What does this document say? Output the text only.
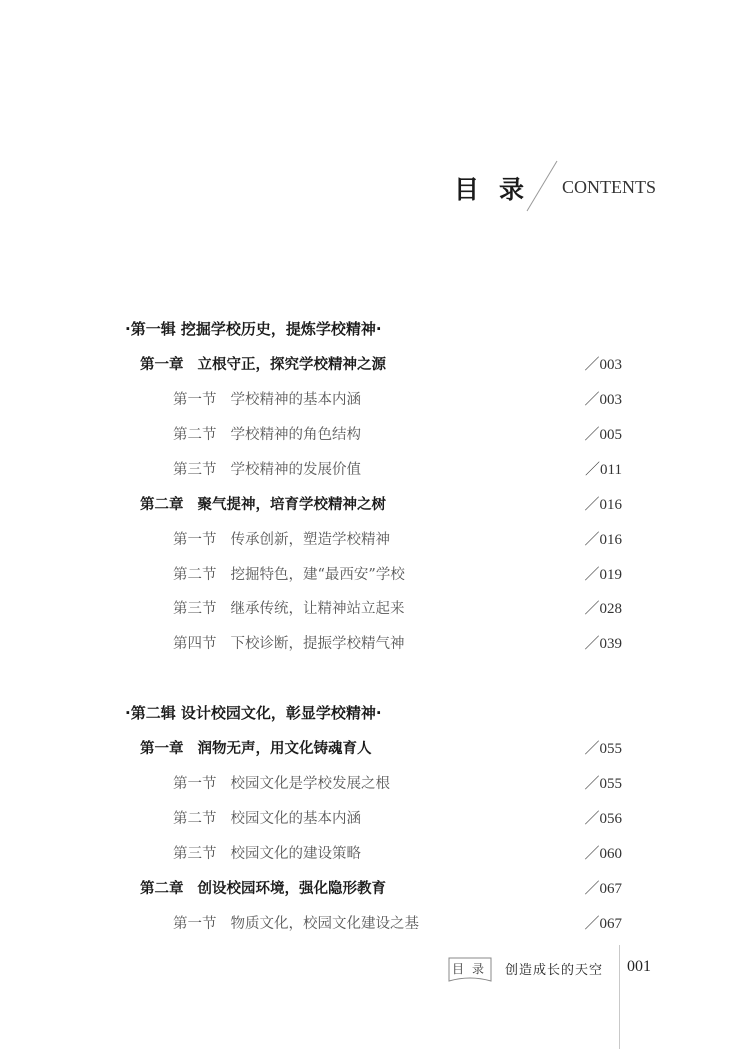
目录 CONTENTS
·第一辑 挖掘学校历史，提炼学校精神·
第一章 立根守正，探究学校精神之源	／003
第一节 学校精神的基本内涵	／003
第二节 学校精神的角色结构	／005
第三节 学校精神的发展价值	／011
第二章 聚气提神，培育学校精神之树	／016
第一节 传承创新，塑造学校精神	／016
第二节 挖掘特色，建“最西安”学校	／019
第三节 继承传统，让精神站立起来	／028
第四节 下校诊断，提振学校精气神	／039
·第二辑 设计校园文化，彰显学校精神·
第一章 润物无声，用文化铸魂育人	／055
第一节 校园文化是学校发展之根	／055
第二节 校园文化的基本内涵	／056
第三节 校园文化的建设策略	／060
第二章 创设校园环境，强化隐形教育	／067
第一节 物质文化，校园文化建设之基	／067
目录 创造成长的天空 001
